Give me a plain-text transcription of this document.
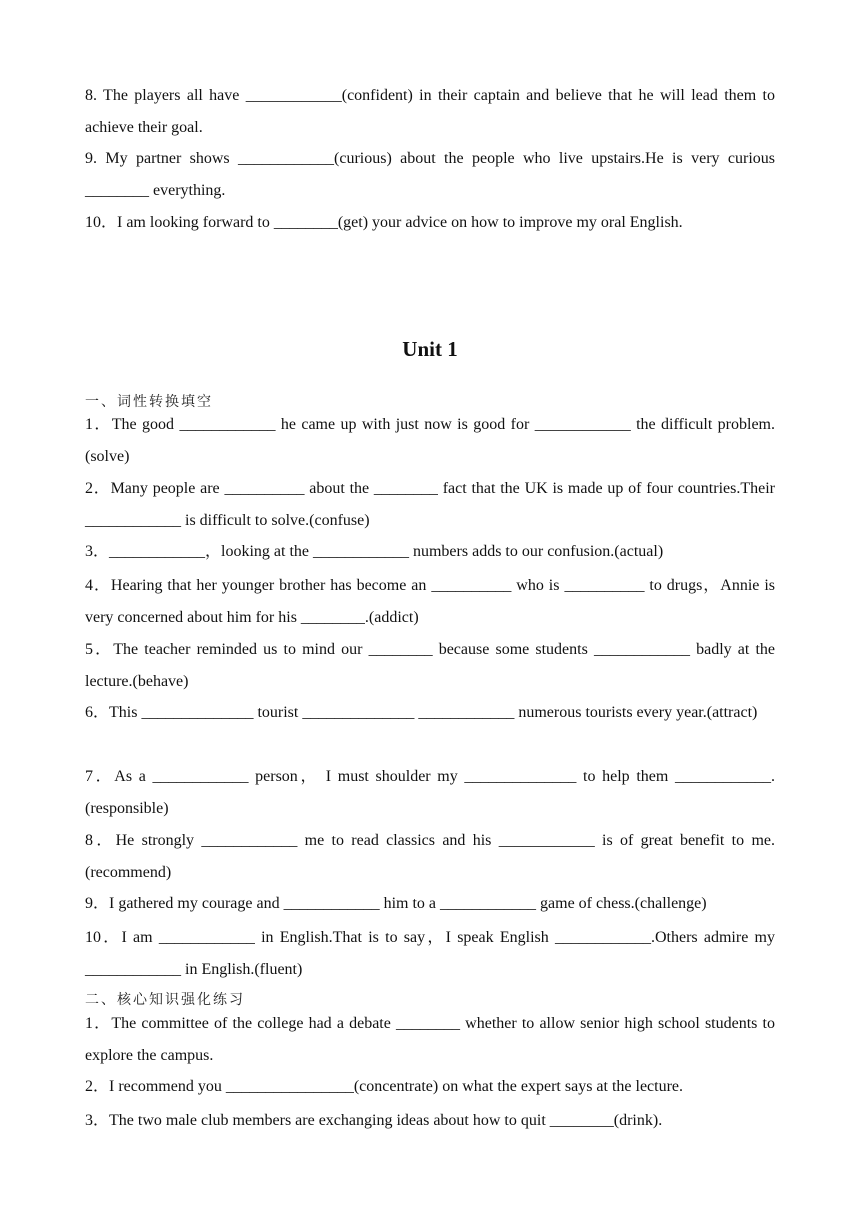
8. The players all have ____________(confident) in their captain and believe that he will lead them to achieve their goal.

9. My partner shows ____________(curious) about the people who live upstairs.He is very curious ________ everything.

10．I am looking forward to ________(get) your advice on how to improve my oral English.

Unit 1

一、词性转换填空

1．The good ____________ he came up with just now is good for ____________ the difficult problem.(solve)

2．Many people are __________ about the ________ fact that the UK is made up of four countries.Their ____________ is difficult to solve.(confuse)

3．____________，looking at the ____________ numbers adds to our confusion.(actual)

4．Hearing that her younger brother has become an __________ who is __________ to drugs，Annie is very concerned about him for his ________.(addict)

5．The teacher reminded us to mind our ________ because some students ____________ badly at the lecture.(behave)

6．This ______________ tourist ______________ ____________ numerous tourists every year.(attract)

7．As a ____________ person， I must shoulder my ______________ to help them ____________.(responsible)

8．He strongly ____________ me to read classics and his ____________ is of great benefit to me.(recommend)

9．I gathered my courage and ____________ him to a ____________ game of chess.(challenge)

10．I am ____________ in English.That is to say，I speak English ____________.Others admire my ____________ in English.(fluent)

二、核心知识强化练习

1．The committee of the college had a debate ________ whether to allow senior high school students to explore the campus.

2．I recommend you ________________(concentrate) on what the expert says at the lecture.

3．The two male club members are exchanging ideas about how to quit ________(drink).
